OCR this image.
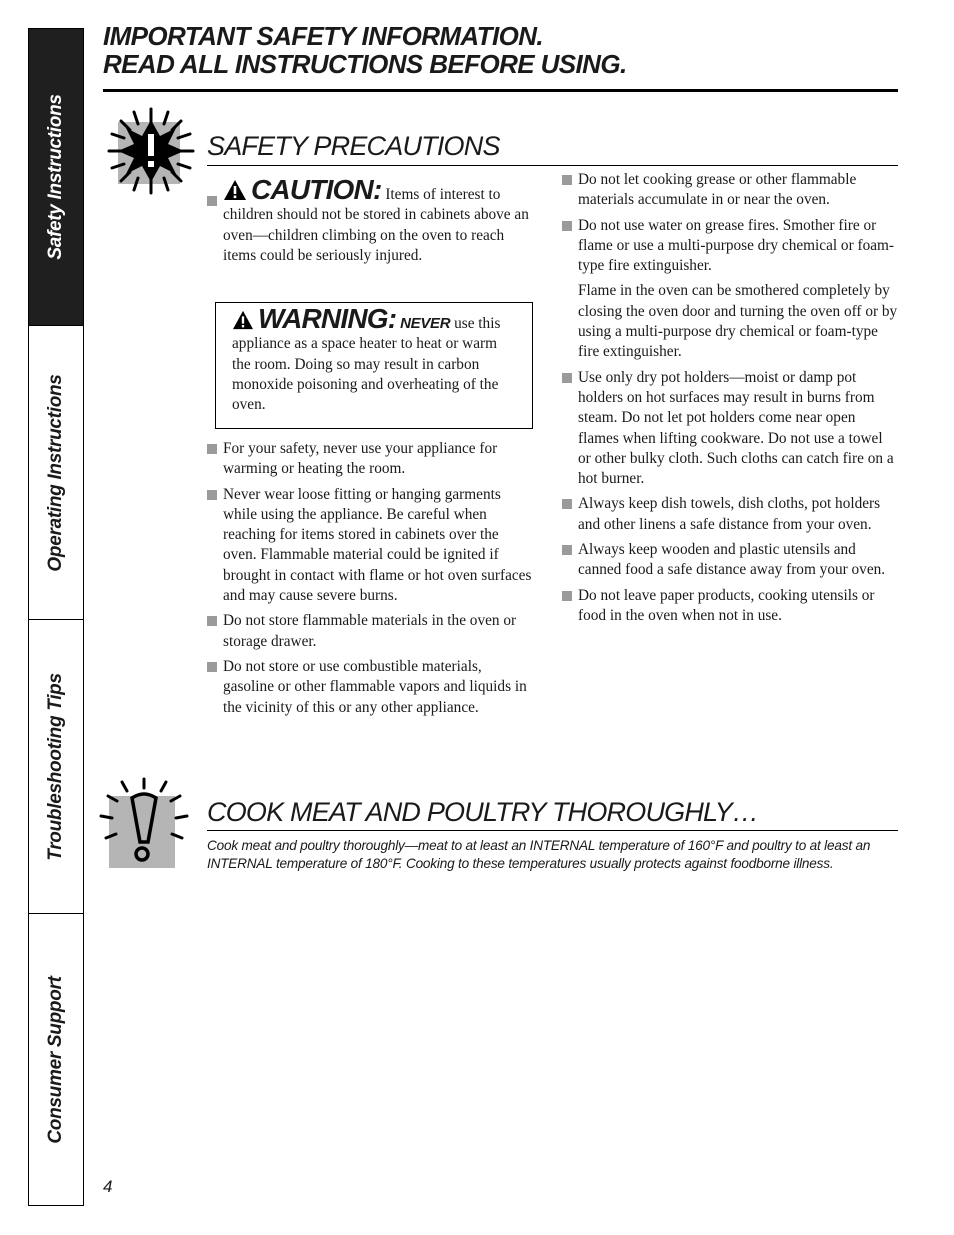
Safety Instructions
Operating Instructions
Troubleshooting Tips
Consumer Support
IMPORTANT SAFETY INFORMATION.
READ ALL INSTRUCTIONS BEFORE USING.
SAFETY PRECAUTIONS
CAUTION: Items of interest to children should not be stored in cabinets above an oven—children climbing on the oven to reach items could be seriously injured.
WARNING: NEVER use this appliance as a space heater to heat or warm the room. Doing so may result in carbon monoxide poisoning and overheating of the oven.
For your safety, never use your appliance for warming or heating the room.
Never wear loose fitting or hanging garments while using the appliance. Be careful when reaching for items stored in cabinets over the oven. Flammable material could be ignited if brought in contact with flame or hot oven surfaces and may cause severe burns.
Do not store flammable materials in the oven or storage drawer.
Do not store or use combustible materials, gasoline or other flammable vapors and liquids in the vicinity of this or any other appliance.
Do not let cooking grease or other flammable materials accumulate in or near the oven.
Do not use water on grease fires. Smother fire or flame or use a multi-purpose dry chemical or foam-type fire extinguisher.
Flame in the oven can be smothered completely by closing the oven door and turning the oven off or by using a multi-purpose dry chemical or foam-type fire extinguisher.
Use only dry pot holders—moist or damp pot holders on hot surfaces may result in burns from steam. Do not let pot holders come near open flames when lifting cookware. Do not use a towel or other bulky cloth. Such cloths can catch fire on a hot burner.
Always keep dish towels, dish cloths, pot holders and other linens a safe distance from your oven.
Always keep wooden and plastic utensils and canned food a safe distance away from your oven.
Do not leave paper products, cooking utensils or food in the oven when not in use.
COOK MEAT AND POULTRY THOROUGHLY…
Cook meat and poultry thoroughly—meat to at least an INTERNAL temperature of 160°F and poultry to at least an INTERNAL temperature of 180°F. Cooking to these temperatures usually protects against foodborne illness.
4
